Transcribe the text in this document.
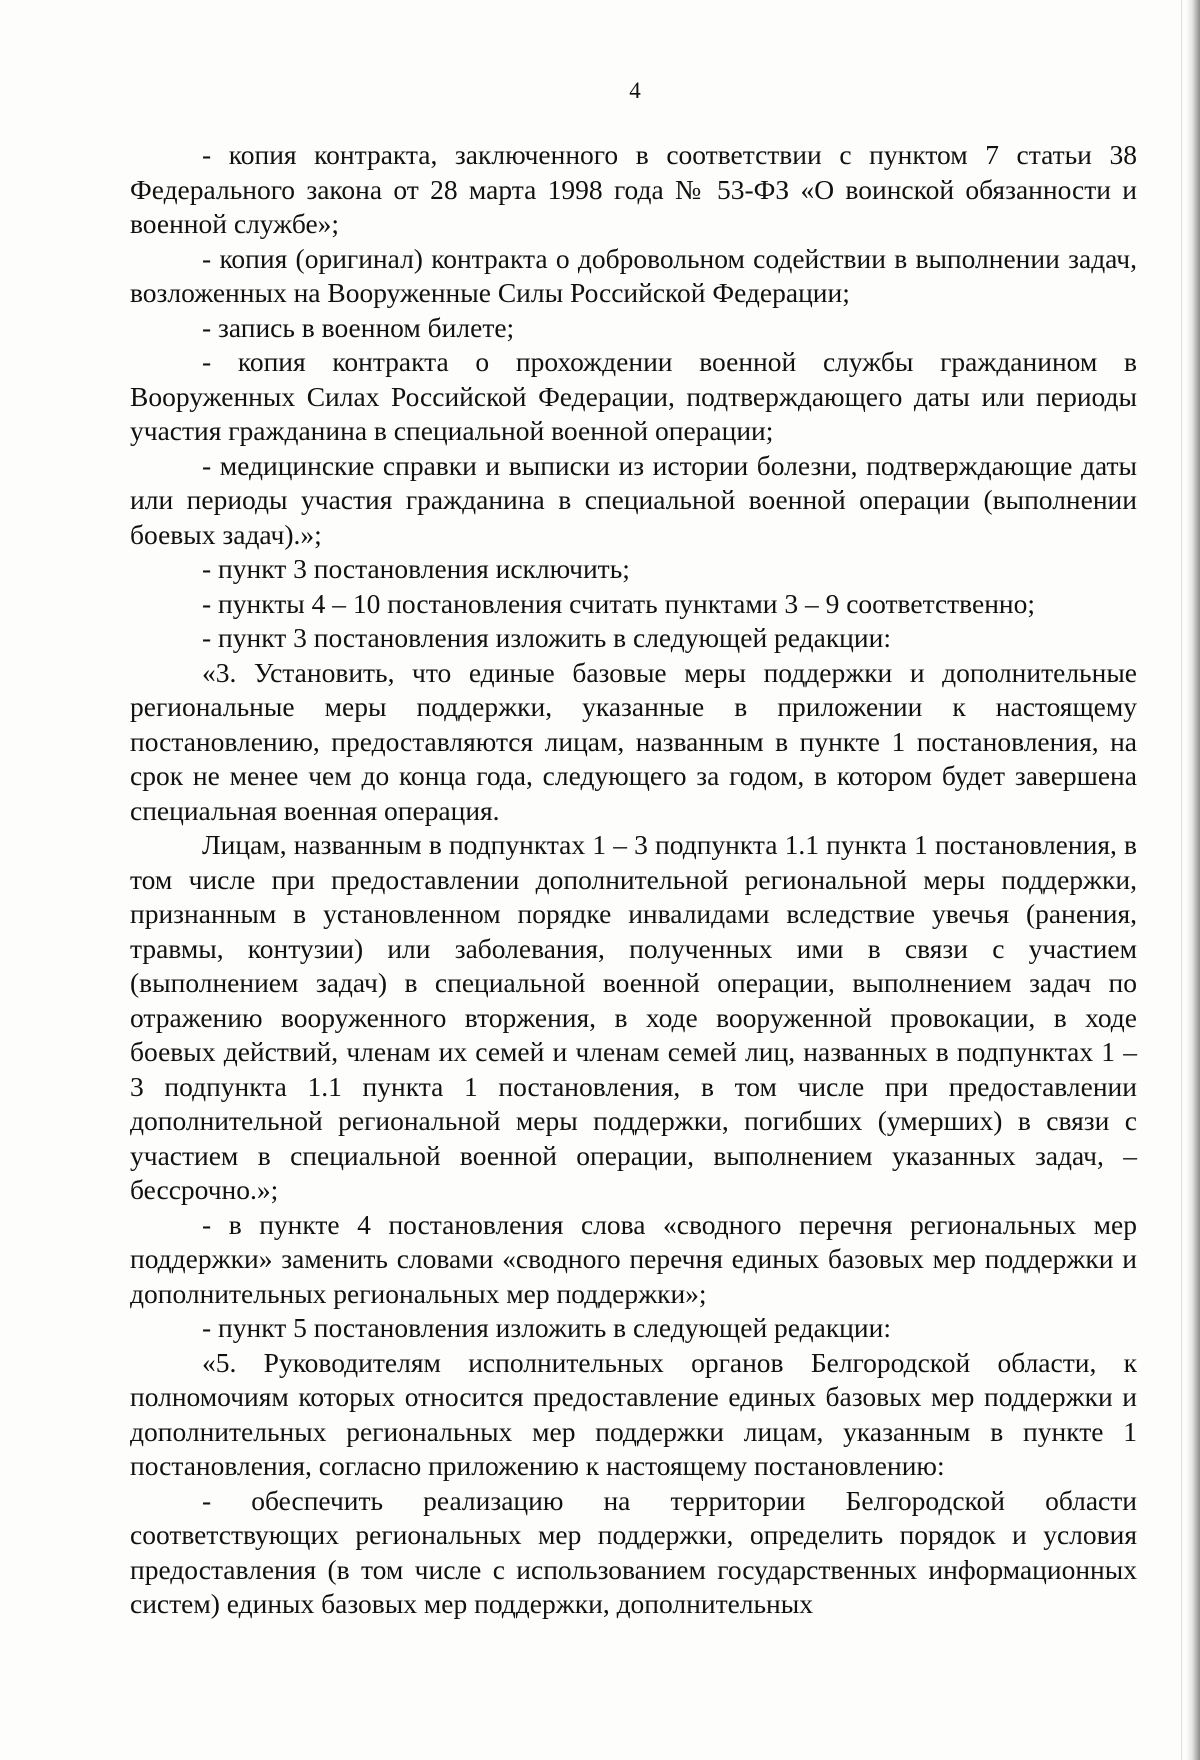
4

- копия контракта, заключенного в соответствии с пунктом 7 статьи 38 Федерального закона от 28 марта 1998 года № 53-ФЗ «О воинской обязанности и военной службе»;

- копия (оригинал) контракта о добровольном содействии в выполнении задач, возложенных на Вооруженные Силы Российской Федерации;

- запись в военном билете;

- копия контракта о прохождении военной службы гражданином в Вооруженных Силах Российской Федерации, подтверждающего даты или периоды участия гражданина в специальной военной операции;

- медицинские справки и выписки из истории болезни, подтверждающие даты или периоды участия гражданина в специальной военной операции (выполнении боевых задач).»;

- пункт 3 постановления исключить;

- пункты 4 – 10 постановления считать пунктами 3 – 9 соответственно;

- пункт 3 постановления изложить в следующей редакции:

«3. Установить, что единые базовые меры поддержки и дополнительные региональные меры поддержки, указанные в приложении к настоящему постановлению, предоставляются лицам, названным в пункте 1 постановления, на срок не менее чем до конца года, следующего за годом, в котором будет завершена специальная военная операция.

Лицам, названным в подпунктах 1 – 3 подпункта 1.1 пункта 1 постановления, в том числе при предоставлении дополнительной региональной меры поддержки, признанным в установленном порядке инвалидами вследствие увечья (ранения, травмы, контузии) или заболевания, полученных ими в связи с участием (выполнением задач) в специальной военной операции, выполнением задач по отражению вооруженного вторжения, в ходе вооруженной провокации, в ходе боевых действий, членам их семей и членам семей лиц, названных в подпунктах 1 – 3 подпункта 1.1 пункта 1 постановления, в том числе при предоставлении дополнительной региональной меры поддержки, погибших (умерших) в связи с участием в специальной военной операции, выполнением указанных задач, – бессрочно.»;

- в пункте 4 постановления слова «сводного перечня региональных мер поддержки» заменить словами «сводного перечня единых базовых мер поддержки и дополнительных региональных мер поддержки»;

- пункт 5 постановления изложить в следующей редакции:

«5. Руководителям исполнительных органов Белгородской области, к полномочиям которых относится предоставление единых базовых мер поддержки и дополнительных региональных мер поддержки лицам, указанным в пункте 1 постановления, согласно приложению к настоящему постановлению:

- обеспечить реализацию на территории Белгородской области соответствующих региональных мер поддержки, определить порядок и условия предоставления (в том числе с использованием государственных информационных систем) единых базовых мер поддержки, дополнительных
